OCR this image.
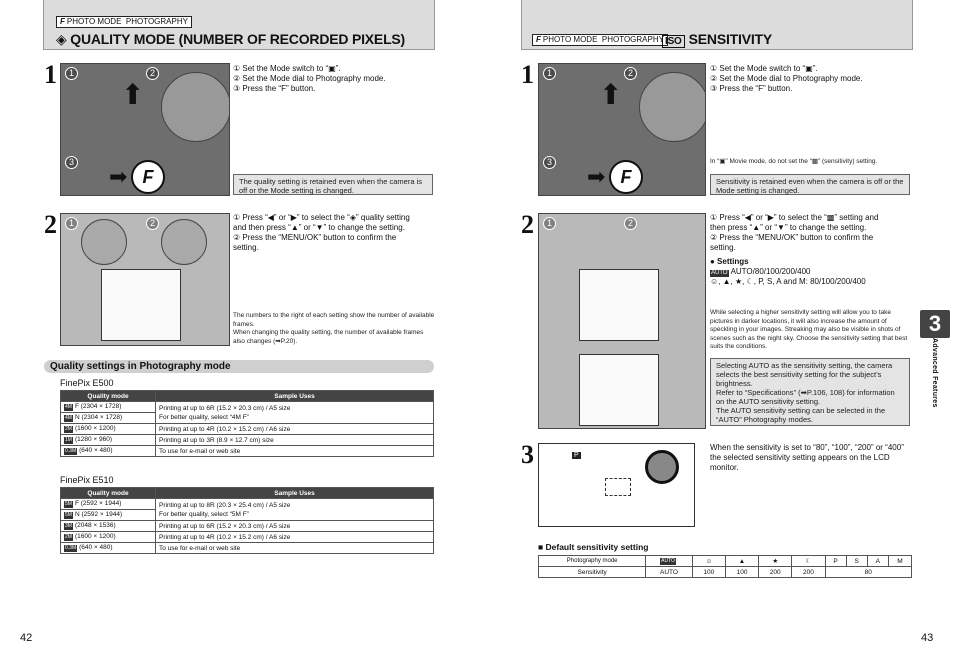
F PHOTO MODE PHOTOGRAPHY
◈ QUALITY MODE (NUMBER OF RECORDED PIXELS)
1	1	2
3
⬆
F
➡
① Set the Mode switch to “▣”.
② Set the Mode dial to Photography mode.
③ Press the “F” button.
The quality setting is retained even when the camera is off or the Mode setting is changed.
2	1	2
① Press “◀” or “▶” to select the “◈” quality setting
and then press “▲” or “▼” to change the setting.
② Press the “MENU/OK” button to confirm the
setting.
The numbers to the right of each setting show the number of available frames.
When changing the quality setting, the number of available frames also changes (➡P.20).
Quality settings in Photography mode
FinePix E500
Quality mode	Sample Uses
4M F (2304 × 1728)	Printing at up to 6R (15.2 × 20.3 cm) / A5 size
For better quality, select “4M F”

4M N (2304 × 1728)	
2M (1600 × 1200)	Printing at up to 4R (10.2 × 15.2 cm) / A6 size
1M (1280 × 960)	Printing at up to 3R (8.9 × 12.7 cm) size
0.3M (640 × 480)	To use for e-mail or web site
FinePix E510
Quality mode	Sample Uses
5M F (2592 × 1944)	Printing at up to 8R (20.3 × 25.4 cm) / A5 size
For better quality, select “5M F”

5M N (2592 × 1944)	
3M (2048 × 1536)	Printing at up to 6R (15.2 × 20.3 cm) / A5 size
2M (1600 × 1200)	Printing at up to 4R (10.2 × 15.2 cm) / A6 size
0.3M (640 × 480)	To use for e-mail or web site
42
F PHOTO MODE PHOTOGRAPHY ISO SENSITIVITY
1	1	2
3
⬆
F
➡
① Set the Mode switch to “▣”.
② Set the Mode dial to Photography mode.
③ Press the “F” button.
In “▣” Movie mode, do not set the “▩” (sensitivity) setting.
Sensitivity is retained even when the camera is off or the Mode setting is changed.
2	1	2
① Press “◀” or “▶” to select the “▩” setting and
then press “▲” or “▼” to change the setting.
② Press the “MENU/OK” button to confirm the
setting.
● Settings
AUTO AUTO/80/100/200/400
☺, ▲, ★, ☾, P, S, A and M: 80/100/200/400
While selecting a higher sensitivity setting will allow you to take pictures in darker locations, it will also increase the amount of speckling in your images. Streaking may also be visible in shots of scenes such as the night sky. Choose the sensitivity setting that best suits the conditions.
Selecting AUTO as the sensitivity setting, the camera selects the best sensitivity setting for the subject’s brightness.
Refer to “Specifications” (➡P.106, 108) for information on the AUTO sensitivity setting.
The AUTO sensitivity setting can be selected in the “AUTO” Photography modes.
3	P
When the sensitivity is set to “80”, “100”, “200” or “400” the selected sensitivity setting appears on the LCD monitor.
■ Default sensitivity setting
Photography mode	AUTO	☺	▲	★	☾	P	S	A	M
Sensitivity	AUTO	100	100	200	200	80			
3
Advanced Features
43
